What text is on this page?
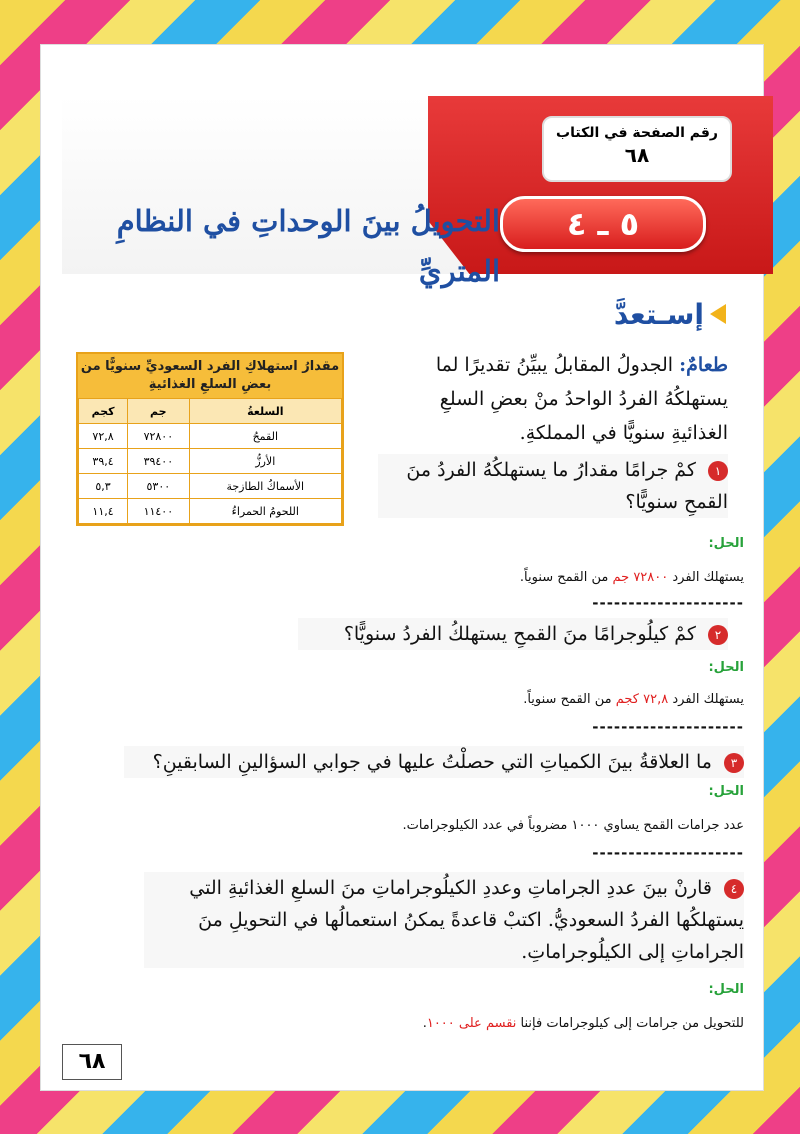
رقم الصفحة في الكتاب
٦٨
٥ ـ ٤
التحويلُ بينَ الوحداتِ في النظامِ المتريِّ
إسـتعدَّ
طعامٌ: الجدولُ المقابلُ يبيِّنُ تقديرًا لما يستهلكُهُ الفردُ الواحدُ منْ بعضِ السلعِ الغذائيةِ سنويًّا في المملكةِ.
مقدارُ استهلاكِ الفرد السعوديِّ سنويًّا من بعضِ السلعِ الغذائيةِ
السلعةُ	جم	كجم
القمحُ	٧٢٨٠٠	٧٢,٨
الأرزُّ	٣٩٤٠٠	٣٩,٤
الأسماكُ الطازجة	٥٣٠٠	٥,٣
اللحومُ الحمراءُ	١١٤٠٠	١١,٤
١ كمْ جرامًا مقدارُ ما يستهلكُهُ الفردُ منَ القمحِ سنويًّا؟
الحل:
يستهلك الفرد ٧٢٨٠٠ جم من القمح سنوياً.
---------------------
٢ كمْ كيلُوجرامًا منَ القمحِ يستهلكُ الفردُ سنويًّا؟
الحل:
يستهلك الفرد ٧٢,٨ كجم من القمح سنوياً.
---------------------
٣ ما العلاقةُ بينَ الكمياتِ التي حصلْتُ عليها في جوابي السؤالينِ السابقينِ؟
الحل:
عدد جرامات القمح يساوي ١٠٠٠ مضروباً في عدد الكيلوجرامات.
---------------------
٤ قارنْ بينَ عددِ الجراماتِ وعددِ الكيلُوجراماتِ منَ السلعِ الغذائيةِ التي يستهلكُها الفردُ السعوديُّ. اكتبْ قاعدةً يمكنُ استعمالُها في التحويلِ منَ الجراماتِ إلى الكيلُوجراماتِ.
الحل:
للتحويل من جرامات إلى كيلوجرامات فإننا نقسم على ١٠٠٠.
٦٨
